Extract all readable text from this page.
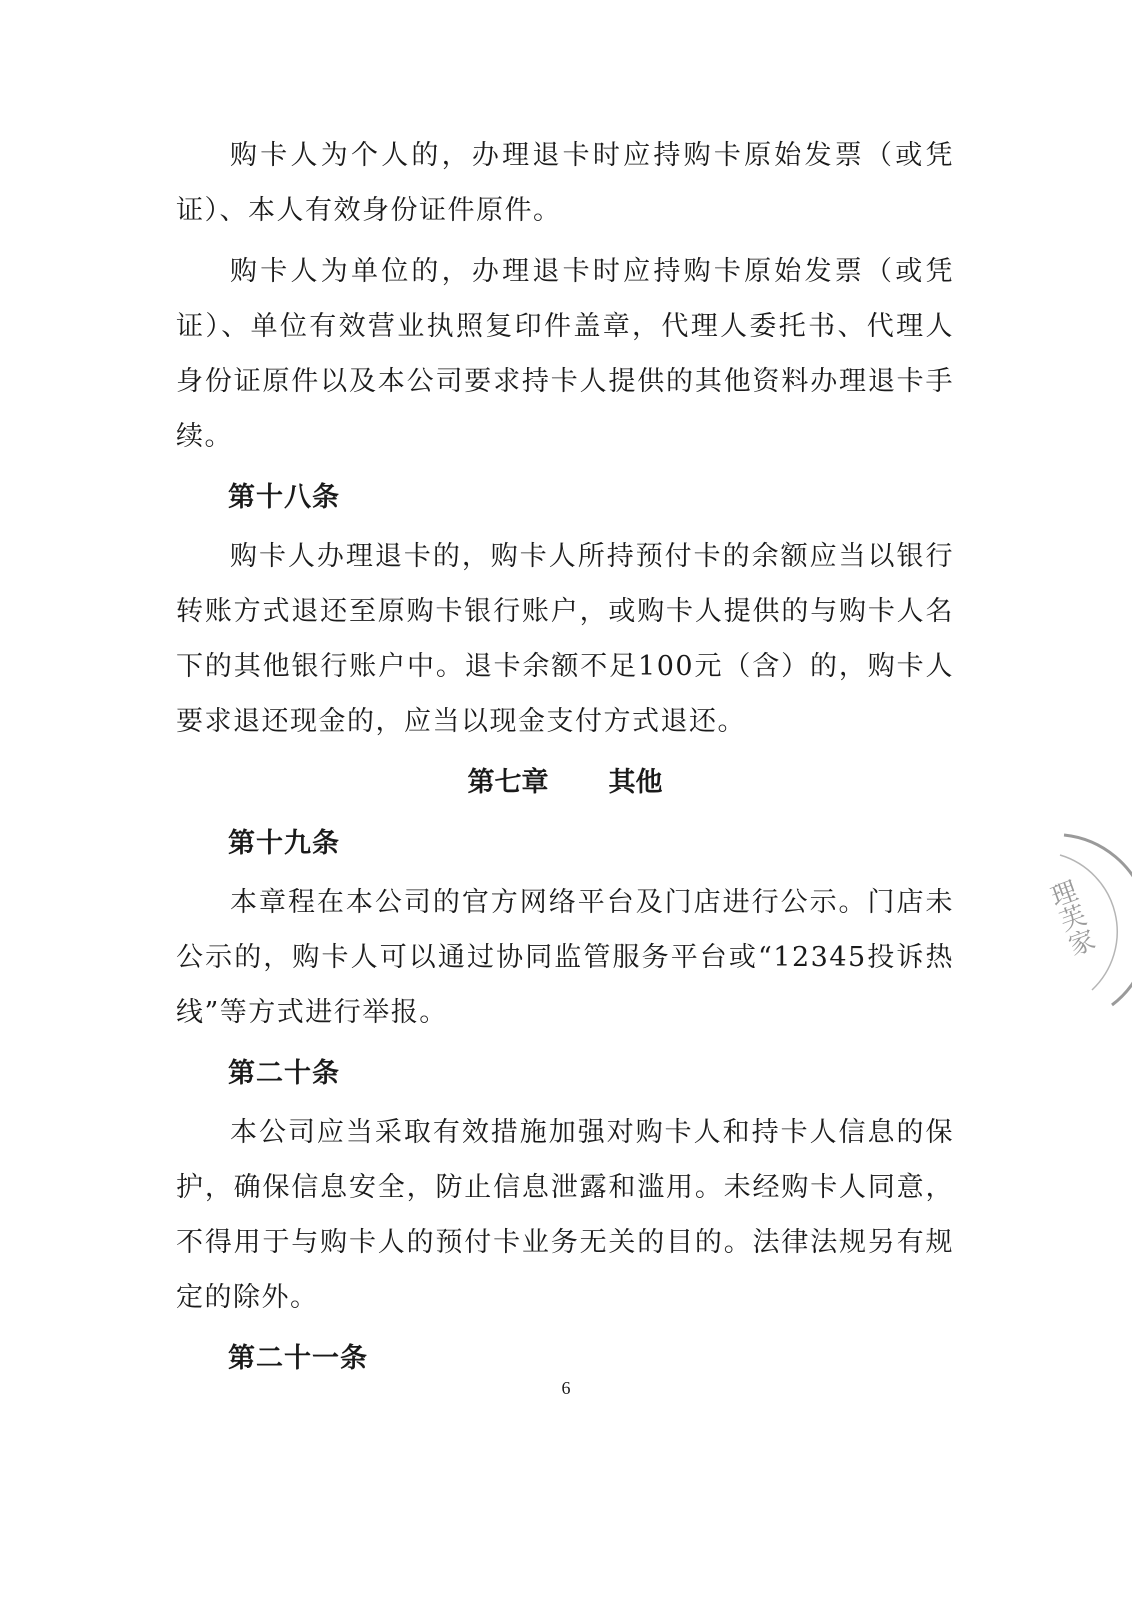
购卡人为个人的，办理退卡时应持购卡原始发票（或凭证）、本人有效身份证件原件。

购卡人为单位的，办理退卡时应持购卡原始发票（或凭证）、单位有效营业执照复印件盖章，代理人委托书、代理人身份证原件以及本公司要求持卡人提供的其他资料办理退卡手续。

第十八条

购卡人办理退卡的，购卡人所持预付卡的余额应当以银行转账方式退还至原购卡银行账户，或购卡人提供的与购卡人名下的其他银行账户中。退卡余额不足100元（含）的，购卡人要求退还现金的，应当以现金支付方式退还。

第七章 其他
第十九条

本章程在本公司的官方网络平台及门店进行公示。门店未公示的，购卡人可以通过协同监管服务平台或“12345投诉热线”等方式进行举报。

第二十条

本公司应当采取有效措施加强对购卡人和持卡人信息的保护，确保信息安全，防止信息泄露和滥用。未经购卡人同意，不得用于与购卡人的预付卡业务无关的目的。法律法规另有规定的除外。

第二十一条
6
理芙家
